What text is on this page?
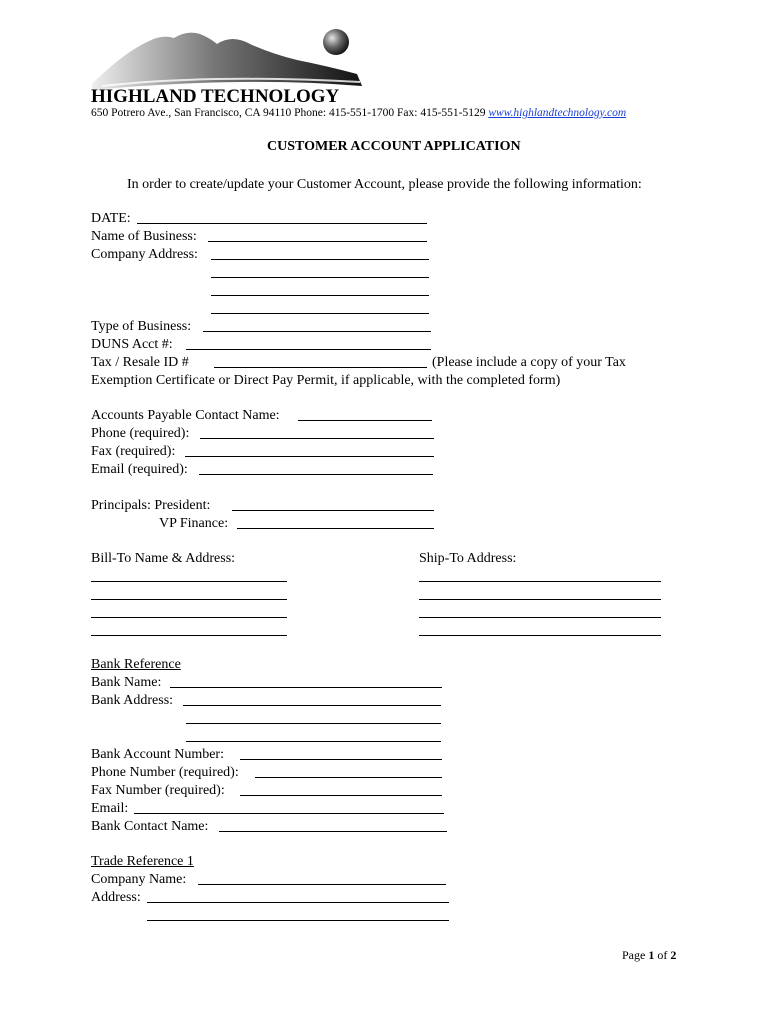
HIGHLAND TECHNOLOGY
650 Potrero Ave., San Francisco, CA 94110 Phone: 415-551-1700 Fax: 415-551-5129 www.highlandtechnology.com
CUSTOMER ACCOUNT APPLICATION
In order to create/update your Customer Account, please provide the following information:
DATE:
Name of Business:
Company Address:
Type of Business:
DUNS Acct #:
Tax / Resale ID #	(Please include a copy of your Tax
Exemption Certificate or Direct Pay Permit, if applicable, with the completed form)
Accounts Payable Contact Name:
Phone (required):
Fax (required):
Email (required):
Principals: President:
VP Finance:
Bill-To Name & Address:	Ship-To Address:
Bank Reference
Bank Name:
Bank Address:
Bank Account Number:
Phone Number (required):
Fax Number (required):
Email:
Bank Contact Name:
Trade Reference 1
Company Name:
Address:
Page 1 of 2
